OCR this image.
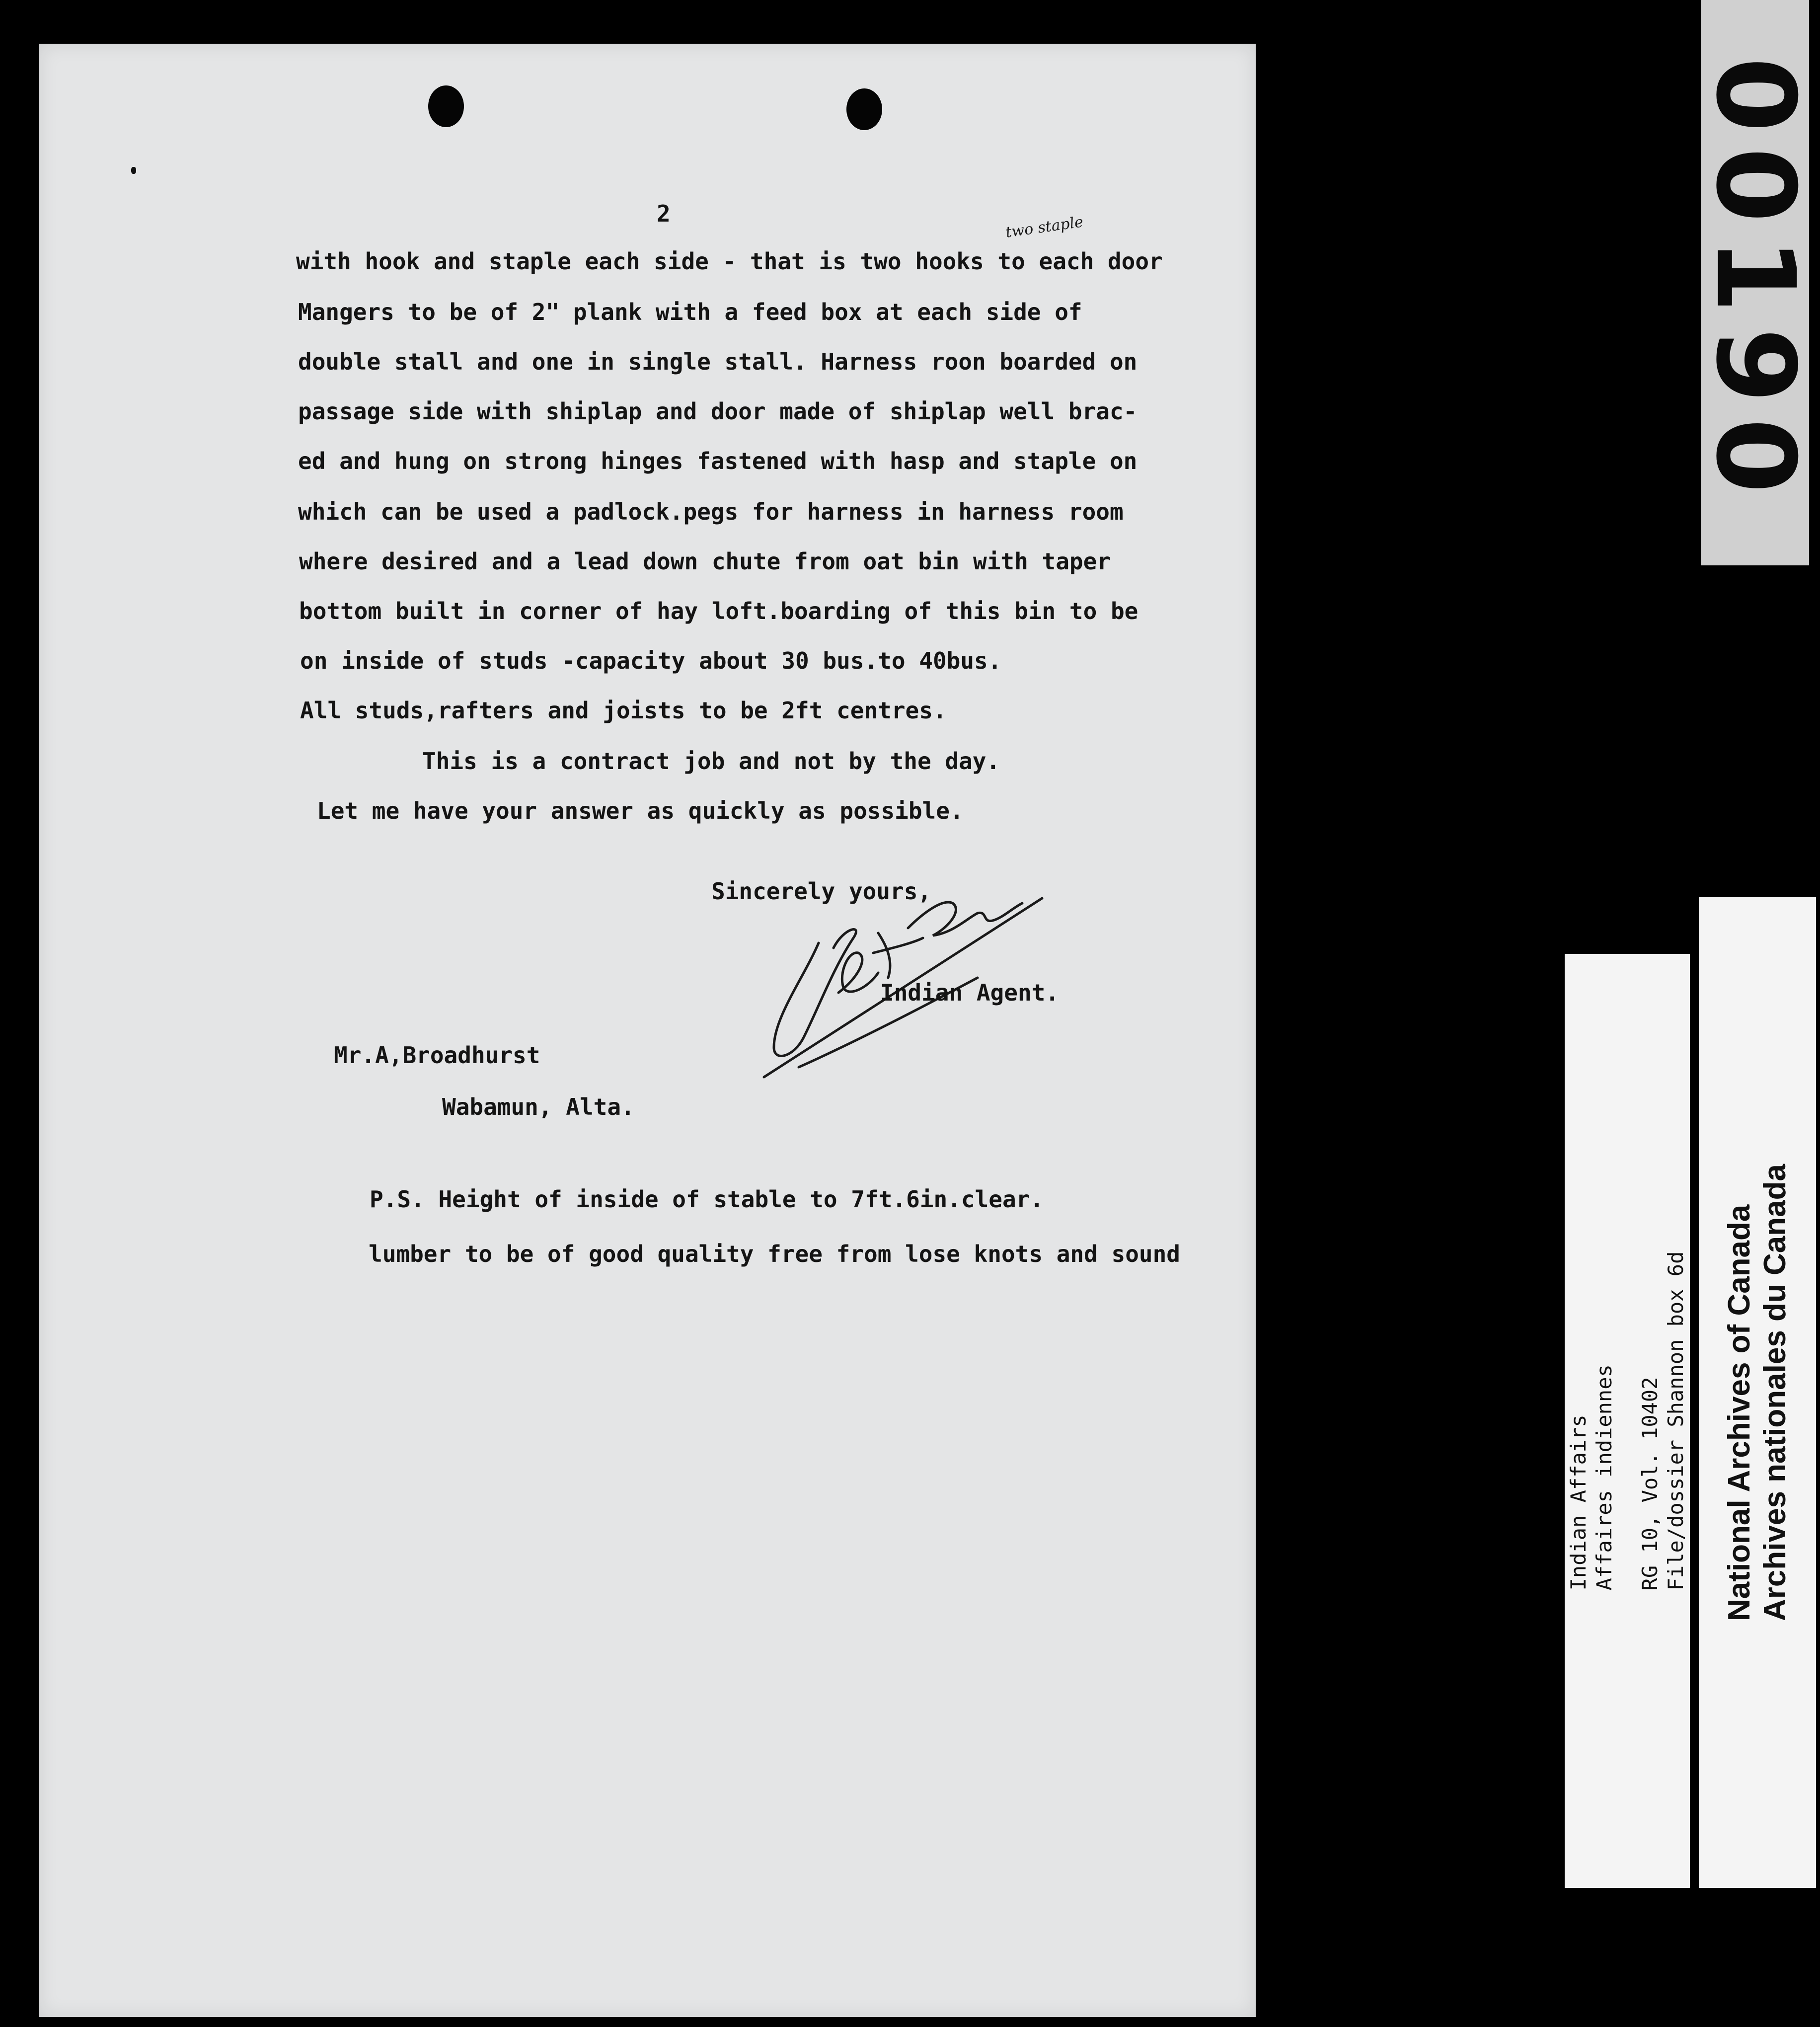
2	two staple
with hook and staple each side - that is two hooks to each door
Mangers to be of 2" plank with a feed box at each side of
double stall and one in single stall. Harness roon boarded on
passage side with shiplap and door made of shiplap well brac-
ed and hung on strong hinges fastened with hasp and staple on
which can be used a padlock.pegs for harness in harness room
where desired and a lead down chute from oat bin with taper
bottom built in corner of hay loft.boarding of this bin to be
on inside of studs -capacity about 30 bus.to 40bus.
All studs,rafters and joists to be 2ft centres.
This is a contract job and not by the day.
Let me have your answer as quickly as possible.
Sincerely yours,
Indian Agent.
Mr.A,Broadhurst
Wabamun, Alta.
P.S. Height of inside of stable to 7ft.6in.clear.
lumber to be of good quality free from lose knots and sound
00190
Indian Affairs Affaires indiennes RG 10, Vol. 10402 File/dossier Shannon box 6d National Archives of Canada Archives nationales du Canada
